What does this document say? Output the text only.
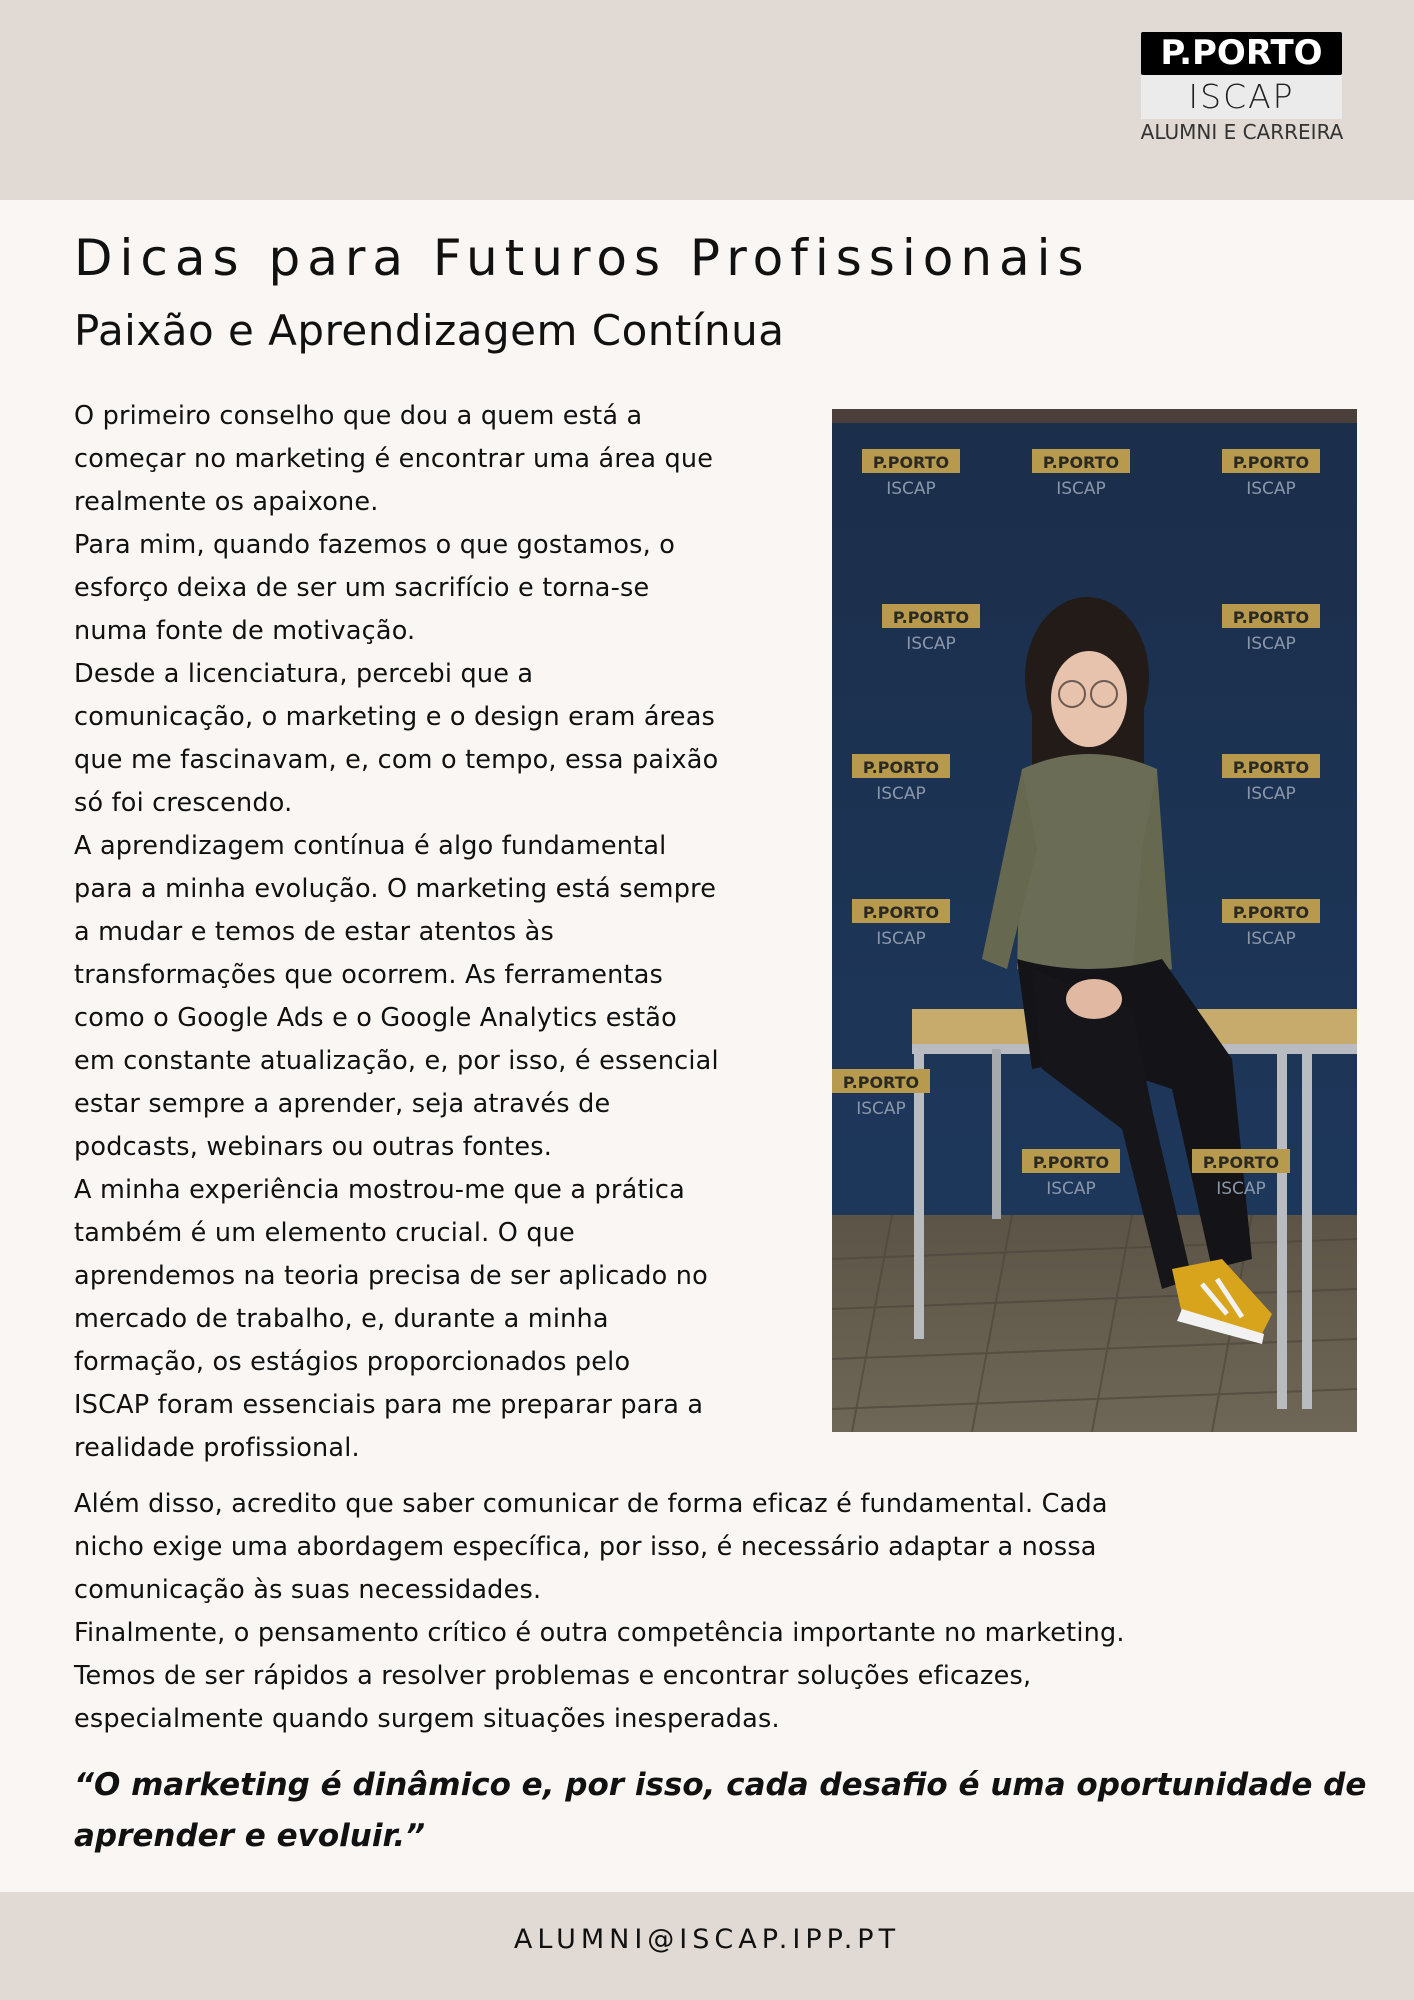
P.PORTO
ISCAP
ALUMNI E CARREIRA
Dicas para Futuros Profissionais
Paixão e Aprendizagem Contínua

O primeiro conselho que dou a quem está a
começar no marketing é encontrar uma área que
realmente os apaixone.

Para mim, quando fazemos o que gostamos, o
esforço deixa de ser um sacrifício e torna-se
numa fonte de motivação.

Desde a licenciatura, percebi que a
comunicação, o marketing e o design eram áreas
que me fascinavam, e, com o tempo, essa paixão
só foi crescendo.

A aprendizagem contínua é algo fundamental
para a minha evolução. O marketing está sempre
a mudar e temos de estar atentos às
transformações que ocorrem. As ferramentas
como o Google Ads e o Google Analytics estão
em constante atualização, e, por isso, é essencial
estar sempre a aprender, seja através de
podcasts, webinars ou outras fontes.

A minha experiência mostrou-me que a prática
também é um elemento crucial. O que
aprendemos na teoria precisa de ser aplicado no
mercado de trabalho, e, durante a minha
formação, os estágios proporcionados pelo
ISCAP foram essenciais para me preparar para a
realidade profissional.

P.PORTO
ISCAP
P.PORTO
ISCAP
P.PORTO
ISCAP
P.PORTO
ISCAP
P.PORTO
ISCAP
P.PORTO
ISCAP
P.PORTO
ISCAP
P.PORTO
ISCAP
P.PORTO
ISCAP
P.PORTO
ISCAP
P.PORTO
ISCAP
P.PORTO
ISCAP

Além disso, acredito que saber comunicar de forma eficaz é fundamental. Cada
nicho exige uma abordagem específica, por isso, é necessário adaptar a nossa
comunicação às suas necessidades.

Finalmente, o pensamento crítico é outra competência importante no marketing.
Temos de ser rápidos a resolver problemas e encontrar soluções eficazes,
especialmente quando surgem situações inesperadas.

“O marketing é dinâmico e, por isso, cada desafio é uma oportunidade de
aprender e evoluir.”

ALUMNI@ISCAP.IPP.PT
